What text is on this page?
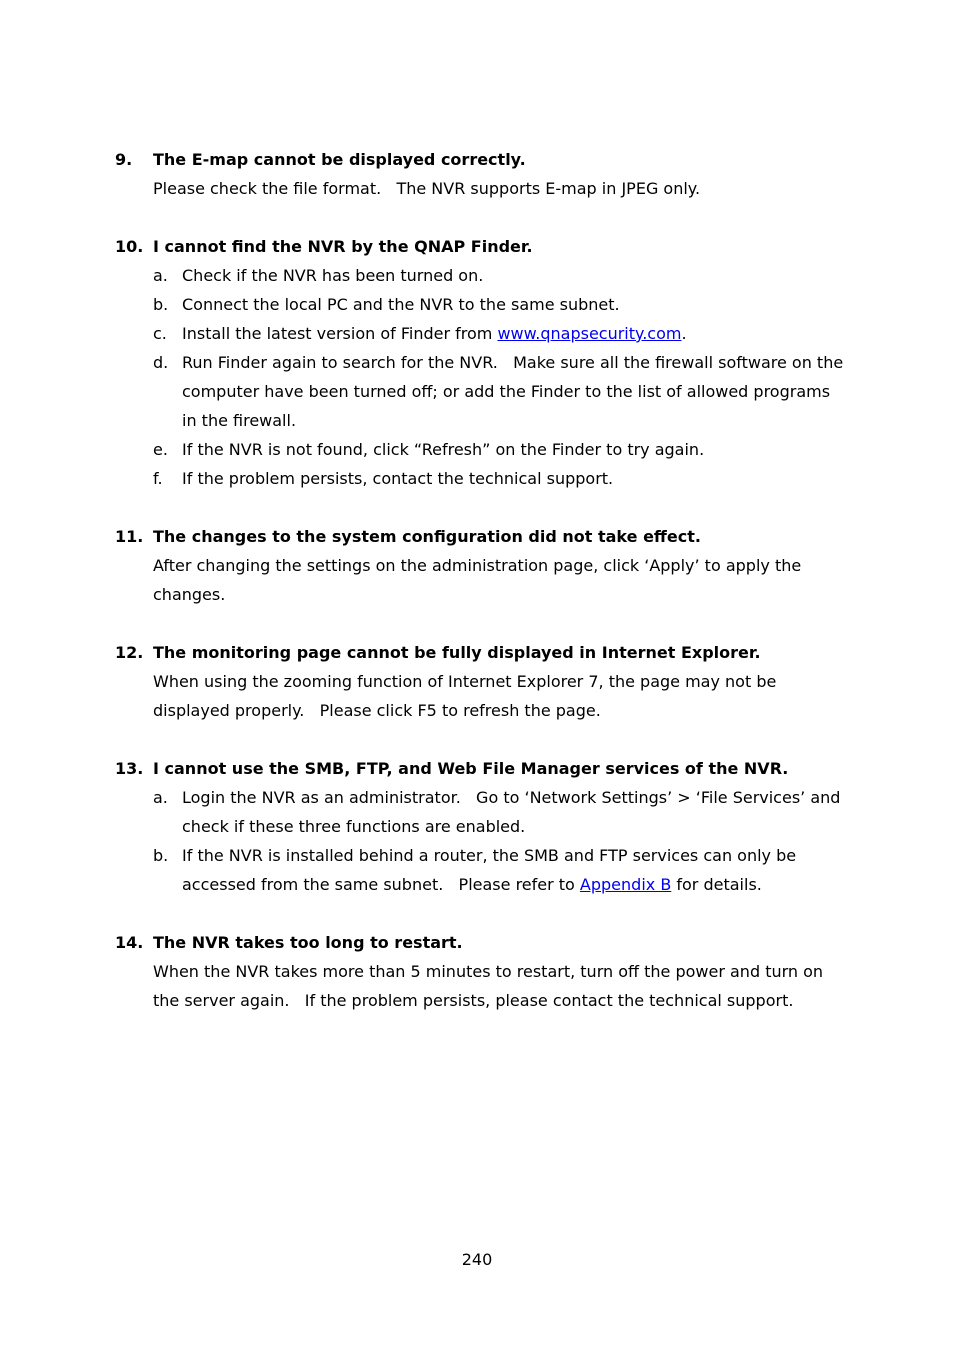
9.	The E-map cannot be displayed correctly.
Please check the file format.   The NVR supports E-map in JPEG only.
10. I cannot find the NVR by the QNAP Finder.
a. Check if the NVR has been turned on.
b. Connect the local PC and the NVR to the same subnet.
c. Install the latest version of Finder from www.qnapsecurity.com.
d. Run Finder again to search for the NVR.   Make sure all the firewall software on the computer have been turned off; or add the Finder to the list of allowed programs in the firewall.
e. If the NVR is not found, click “Refresh” on the Finder to try again.
f.	If the problem persists, contact the technical support.
11. The changes to the system configuration did not take effect.
After changing the settings on the administration page, click ‘Apply’ to apply the changes.
12. The monitoring page cannot be fully displayed in Internet Explorer.
When using the zooming function of Internet Explorer 7, the page may not be displayed properly.   Please click F5 to refresh the page.
13. I cannot use the SMB, FTP, and Web File Manager services of the NVR.
a. Login the NVR as an administrator.   Go to ‘Network Settings’ > ‘File Services’ and check if these three functions are enabled.
b. If the NVR is installed behind a router, the SMB and FTP services can only be accessed from the same subnet.   Please refer to Appendix B for details.
14. The NVR takes too long to restart.
When the NVR takes more than 5 minutes to restart, turn off the power and turn on the server again.   If the problem persists, please contact the technical support.
240
